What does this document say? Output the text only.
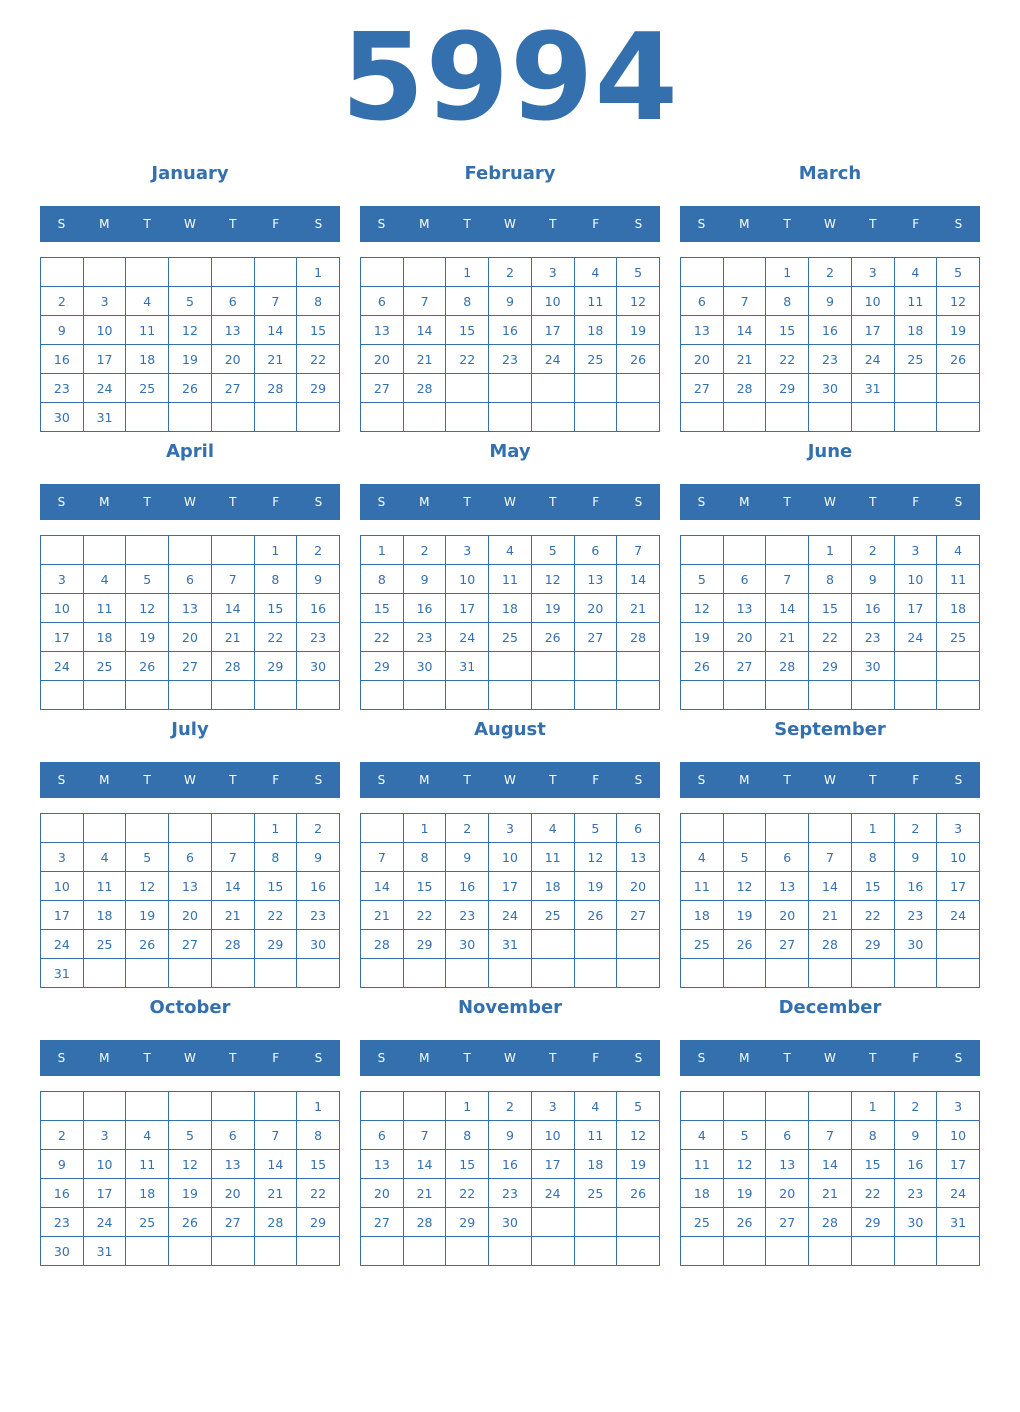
5994
January
S	M	T	W	T	F	S
						1
2	3	4	5	6	7	8
9	10	11	12	13	14	15
16	17	18	19	20	21	22
23	24	25	26	27	28	29
30	31					
February
S	M	T	W	T	F	S
		1	2	3	4	5
6	7	8	9	10	11	12
13	14	15	16	17	18	19
20	21	22	23	24	25	26
27	28					

March
S	M	T	W	T	F	S
		1	2	3	4	5
6	7	8	9	10	11	12
13	14	15	16	17	18	19
20	21	22	23	24	25	26
27	28	29	30	31		

April
S	M	T	W	T	F	S
					1	2
3	4	5	6	7	8	9
10	11	12	13	14	15	16
17	18	19	20	21	22	23
24	25	26	27	28	29	30

May
S	M	T	W	T	F	S
1	2	3	4	5	6	7
8	9	10	11	12	13	14
15	16	17	18	19	20	21
22	23	24	25	26	27	28
29	30	31				

June
S	M	T	W	T	F	S
			1	2	3	4
5	6	7	8	9	10	11
12	13	14	15	16	17	18
19	20	21	22	23	24	25
26	27	28	29	30		

July
S	M	T	W	T	F	S
					1	2
3	4	5	6	7	8	9
10	11	12	13	14	15	16
17	18	19	20	21	22	23
24	25	26	27	28	29	30
31						
August
S	M	T	W	T	F	S
	1	2	3	4	5	6
7	8	9	10	11	12	13
14	15	16	17	18	19	20
21	22	23	24	25	26	27
28	29	30	31			

September
S	M	T	W	T	F	S
				1	2	3
4	5	6	7	8	9	10
11	12	13	14	15	16	17
18	19	20	21	22	23	24
25	26	27	28	29	30	

October
S	M	T	W	T	F	S
						1
2	3	4	5	6	7	8
9	10	11	12	13	14	15
16	17	18	19	20	21	22
23	24	25	26	27	28	29
30	31					
November
S	M	T	W	T	F	S
		1	2	3	4	5
6	7	8	9	10	11	12
13	14	15	16	17	18	19
20	21	22	23	24	25	26
27	28	29	30			

December
S	M	T	W	T	F	S
				1	2	3
4	5	6	7	8	9	10
11	12	13	14	15	16	17
18	19	20	21	22	23	24
25	26	27	28	29	30	31
